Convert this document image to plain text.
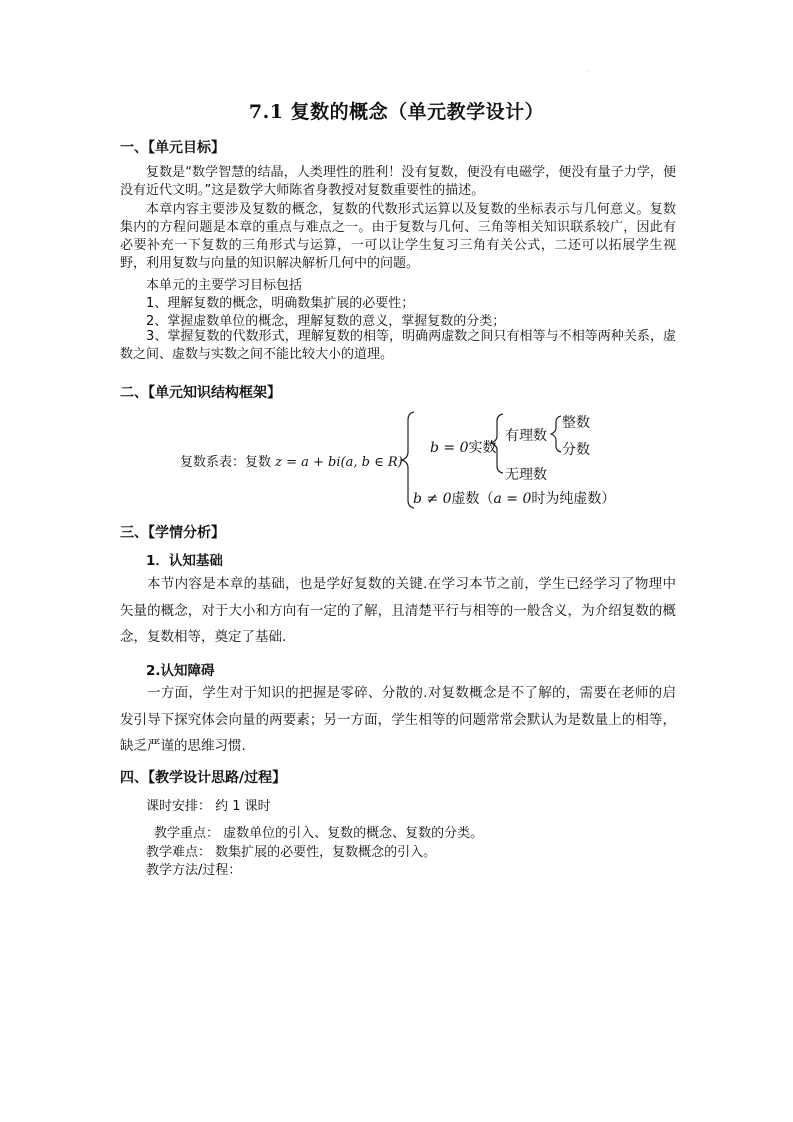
·
7.1 复数的概念（单元教学设计）
一、【单元目标】
复数是“数学智慧的结晶，人类理性的胜利！没有复数，便没有电磁学，便没有量子力学，便没有近代文明。”这是数学大师陈省身教授对复数重要性的描述。
本章内容主要涉及复数的概念，复数的代数形式运算以及复数的坐标表示与几何意义。复数集内的方程问题是本章的重点与难点之一。由于复数与几何、三角等相关知识联系较广，因此有必要补充一下复数的三角形式与运算，一可以让学生复习三角有关公式，二还可以拓展学生视野，利用复数与向量的知识解决解析几何中的问题。
本单元的主要学习目标包括
1、理解复数的概念，明确数集扩展的必要性；
2、掌握虚数单位的概念，理解复数的意义，掌握复数的分类；
3、掌握复数的代数形式，理解复数的相等，明确两虚数之间只有相等与不相等两种关系，虚数之间、虚数与实数之间不能比较大小的道理。
二、【单元知识结构框架】
复数系表：复数 z = a + bi(a, b ∈ R)
b = 0实数
有理数
整数
分数
无理数
b ≠ 0虚数（a = 0时为纯虚数）
三、【学情分析】
1．认知基础
本节内容是本章的基础，也是学好复数的关键.在学习本节之前，学生已经学习了物理中矢量的概念，对于大小和方向有一定的了解，且清楚平行与相等的一般含义，为介绍复数的概念，复数相等，奠定了基础.
2.认知障碍
一方面，学生对于知识的把握是零碎、分散的.对复数概念是不了解的，需要在老师的启发引导下探究体会向量的两要素；另一方面，学生相等的问题常常会默认为是数量上的相等，缺乏严谨的思维习惯.
四、【教学设计思路/过程】
课时安排： 约 1 课时
教学重点： 虚数单位的引入、复数的概念、复数的分类。
教学难点： 数集扩展的必要性，复数概念的引入。
教学方法/过程：
